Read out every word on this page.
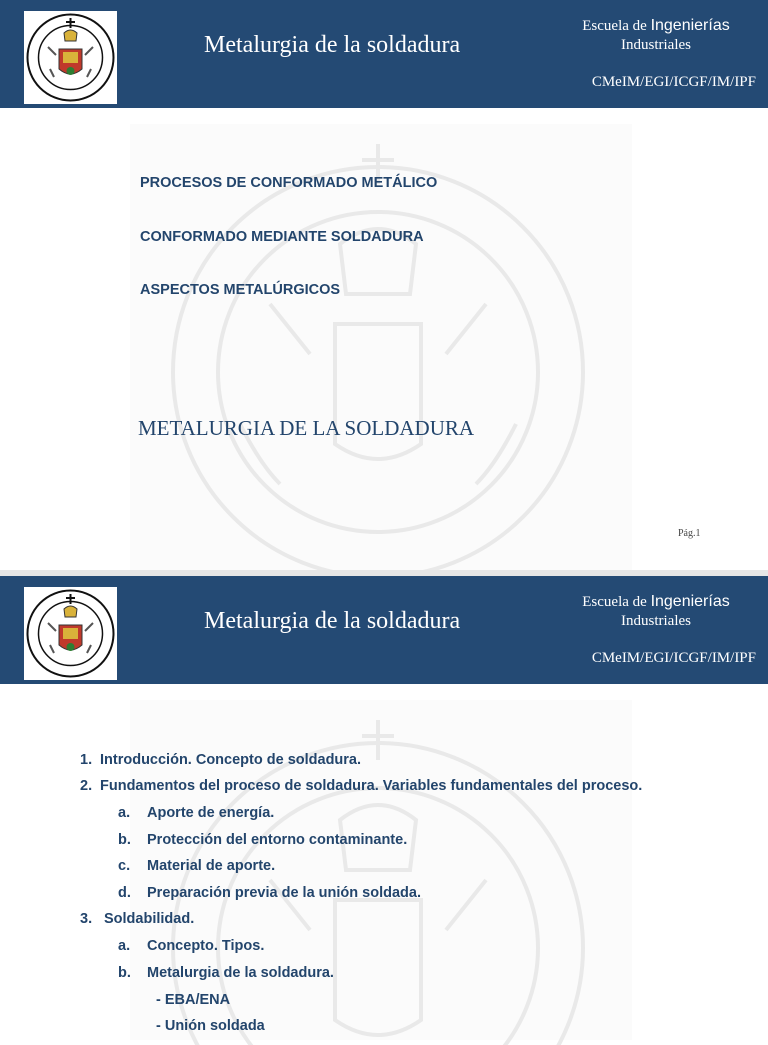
Metalurgia de la soldadura
Escuela de Ingenierías
Industriales
CMeIM/EGI/ICGF/IM/IPF
PROCESOS DE CONFORMADO METÁLICO
CONFORMADO MEDIANTE SOLDADURA
ASPECTOS METALÚRGICOS
METALURGIA DE LA SOLDADURA
Pág.1
Metalurgia de la soldadura
Escuela de Ingenierías
Industriales
CMeIM/EGI/ICGF/IM/IPF
1. Introducción. Concepto de soldadura.
2. Fundamentos del proceso de soldadura. Variables fundamentales del proceso.
a. Aporte de energía.
b. Protección del entorno contaminante.
c. Material de aporte.
d. Preparación previa de la unión soldada.
3. Soldabilidad.
a. Concepto. Tipos.
b. Metalurgia de la soldadura.
- EBA/ENA
- Unión soldada
